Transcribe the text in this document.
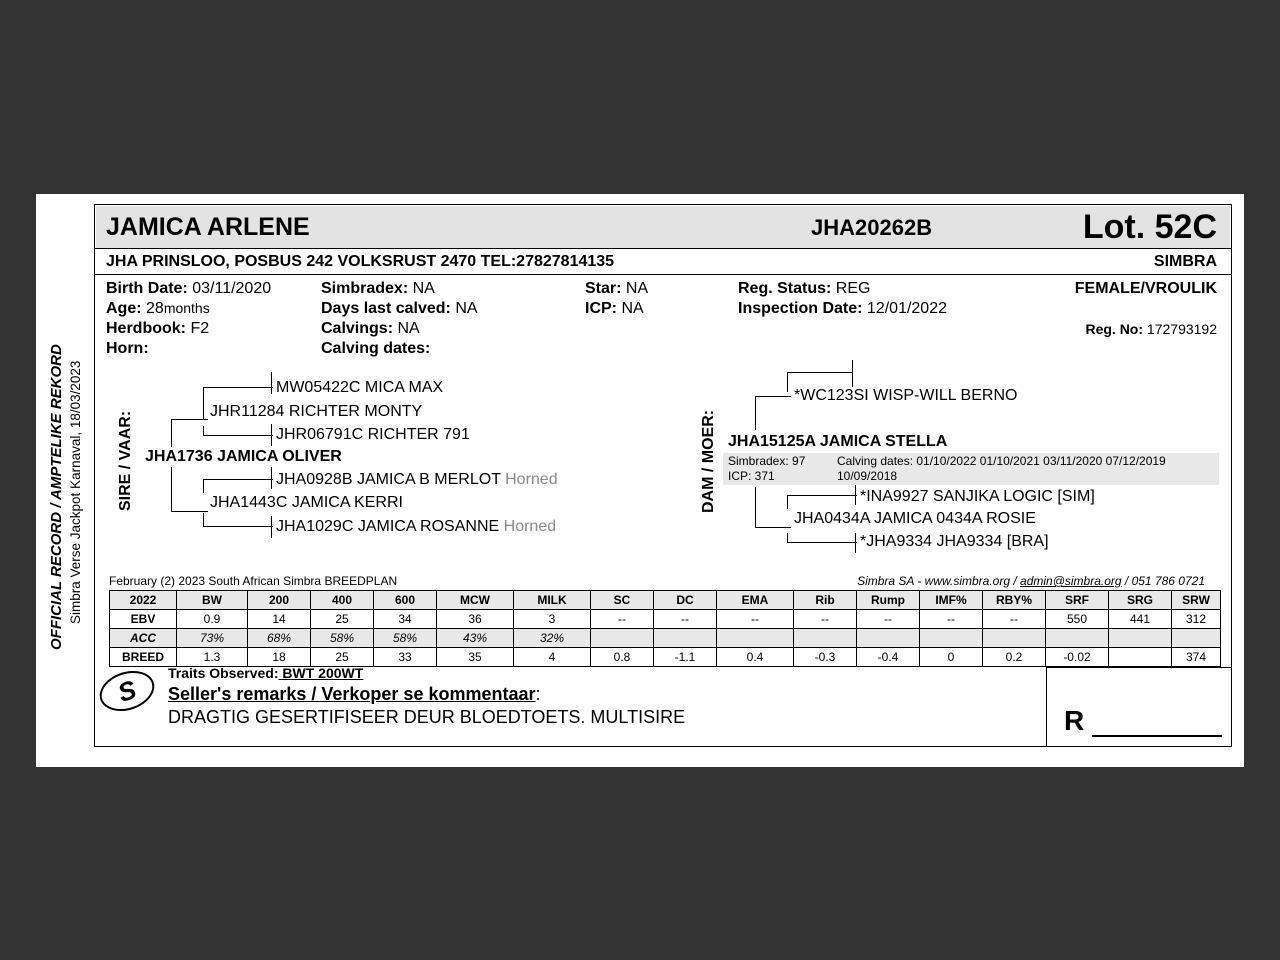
OFFICIAL RECORD / AMPTELIKE REKORD Simbra Verse Jackpot Karnaval, 18/03/2023
JAMICA ARLENE	JHA20262B	Lot. 52C
JHA PRINSLOO, POSBUS 242 VOLKSRUST 2470 TEL:27827814135	SIMBRA
Birth Date: 03/11/2020
Age: 28months
Herdbook: F2
Horn:
Simbradex: NA
Days last calved: NA
Calvings: NA
Calving dates:
Star: NA
ICP: NA
Reg. Status: REG
Inspection Date: 12/01/2022
FEMALE/VROULIK
Reg. No: 172793192
SIRE / VAAR: JHA1736 JAMICA OLIVER
JHR11284 RICHTER MONTY
MW05422C MICA MAX
JHR06791C RICHTER 791
JHA1443C JAMICA KERRI
JHA0928B JAMICA B MERLOT Horned
JHA1029C JAMICA ROSANNE Horned
DAM / MOER:
*WC123SI WISP-WILL BERNO
JHA15125A JAMICA STELLA
Simbradex: 97
ICP: 371
Calving dates: 01/10/2022 01/10/2021 03/11/2020 07/12/2019
10/09/2018
*INA9927 SANJIKA LOGIC [SIM]
JHA0434A JAMICA 0434A ROSIE
*JHA9334 JHA9334 [BRA]
February (2) 2023 South African Simbra BREEDPLAN	Simbra SA - www.simbra.org / admin@simbra.org / 051 786 0721
2022	BW	200	400	600	MCW	MILK	SC	DC	EMA	Rib	Rump	IMF%	RBY%	SRF	SRG	SRW
EBV	0.9	14	25	34	36	3	--	--	--	--	--	--	--	550	441	312
ACC	73%	68%	58%	58%	43%	32%										
BREED	1.3	18	25	33	35	4	0.8	-1.1	0.4	-0.3	-0.4	0	0.2	-0.02		374
S
Traits Observed: BWT 200WT
Seller's remarks / Verkoper se kommentaar:
DRAGTIG GESERTIFISEER DEUR BLOEDTOETS. MULTISIRE	R
